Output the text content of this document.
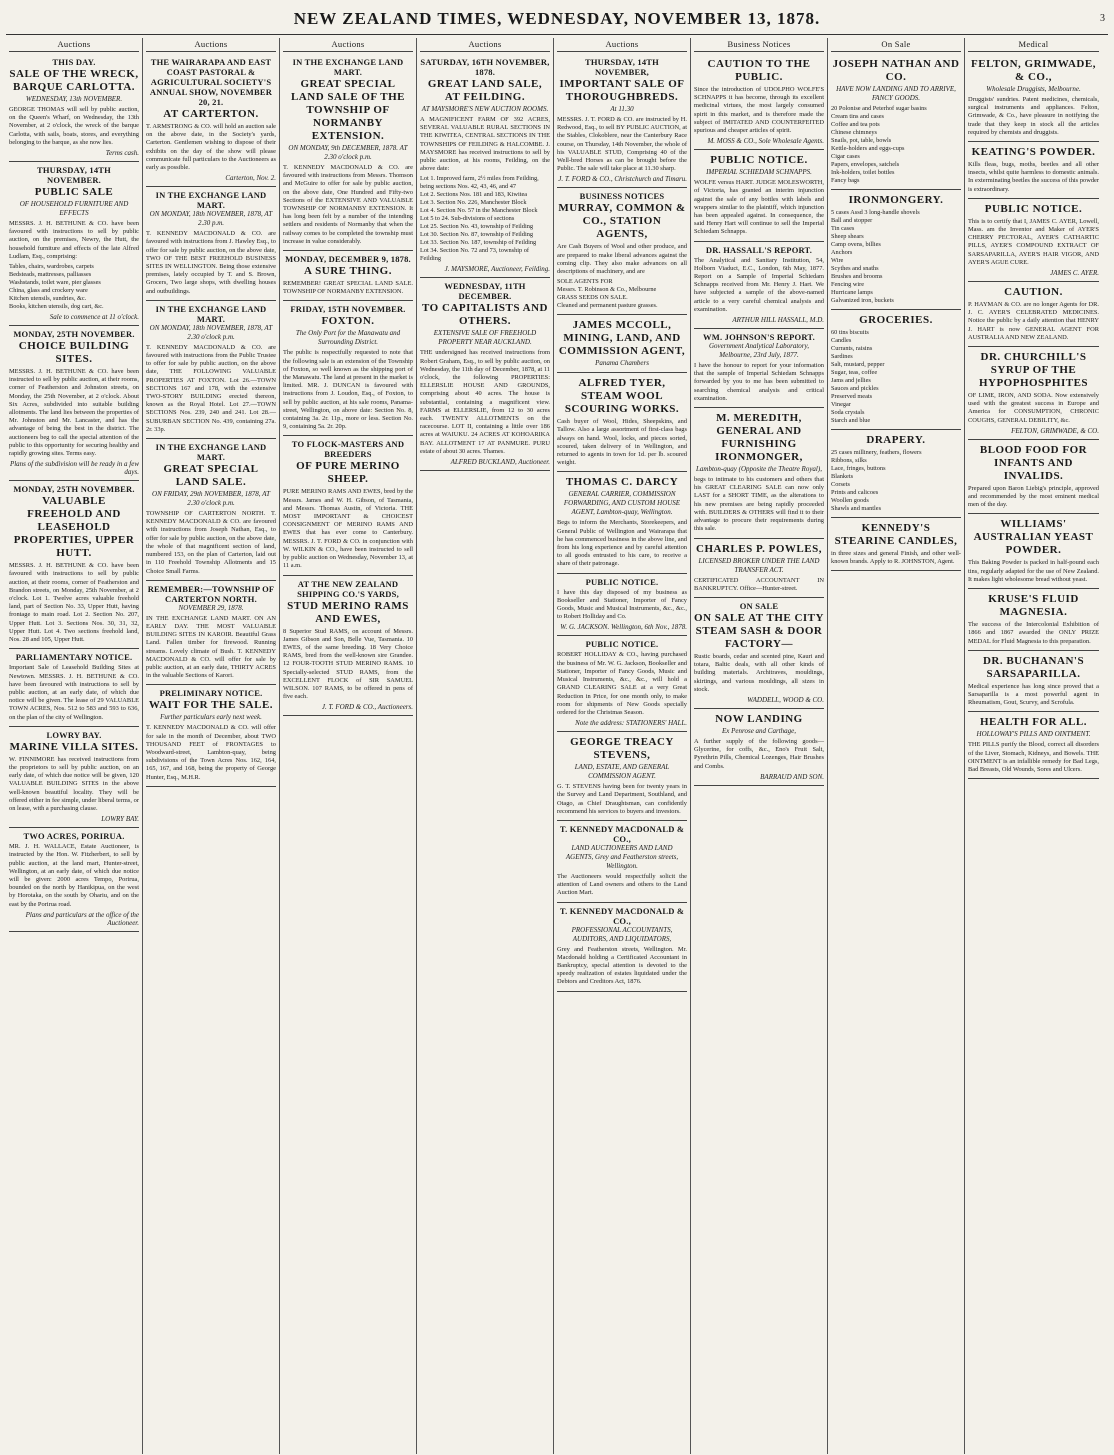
NEW ZEALAND TIMES, WEDNESDAY, NOVEMBER 13, 1878.	3
Auctions
THIS DAY.
SALE OF THE WRECK, BARQUE CARLOTTA.
WEDNESDAY, 13th NOVEMBER.
GEORGE THOMAS will sell by public auction, on the Queen's Wharf, on Wednesday, the 13th November, at 2 o'clock, the wreck of the barque Carlotta, with sails, boats, stores, and everything belonging to the barque, as she now lies.
Terms cash.
THURSDAY, 14TH NOVEMBER.
PUBLIC SALE
OF HOUSEHOLD FURNITURE AND EFFECTS
MESSRS. J. H. BETHUNE & CO. have been favoured with instructions to sell by public auction, on the premises, Newry, the Hutt, the household furniture and effects of the late Alfred Ludlam, Esq., comprising:
Tables, chairs, wardrobes, carpets
Bedsteads, mattresses, palliasses
Washstands, toilet ware, pier glasses
China, glass and crockery ware
Kitchen utensils, sundries, &c.
Books, kitchen utensils, dog cart, &c.
Sale to commence at 11 o'clock.
MONDAY, 25TH NOVEMBER.
CHOICE BUILDING SITES.
MESSRS. J. H. BETHUNE & CO. have been instructed to sell by public auction, at their rooms, corner of Featherston and Johnston streets, on Monday, the 25th November, at 2 o'clock. About Six Acres, subdivided into suitable building allotments. The land lies between the properties of Mr. Johnston and Mr. Lancaster, and has the advantage of being the best in the district. The auctioneers beg to call the special attention of the public to this opportunity for securing healthy and rapidly growing sites. Terms easy.
Plans of the subdivision will be ready in a few days.
MONDAY, 25TH NOVEMBER.
VALUABLE FREEHOLD AND LEASEHOLD PROPERTIES, UPPER HUTT.
MESSRS. J. H. BETHUNE & CO. have been favoured with instructions to sell by public auction, at their rooms, corner of Featherston and Brandon streets, on Monday, 25th November, at 2 o'clock. Lot 1. Twelve acres valuable freehold land, part of Section No. 33, Upper Hutt, having frontage to main road. Lot 2. Section No. 207, Upper Hutt. Lot 3. Sections Nos. 30, 31, 32, Upper Hutt. Lot 4. Two sections freehold land, Nos. 28 and 105, Upper Hutt.
PARLIAMENTARY NOTICE.
Important Sale of Leasehold Building Sites at Newtown. MESSRS. J. H. BETHUNE & CO. have been favoured with instructions to sell by public auction, at an early date, of which due notice will be given. The lease of 29 VALUABLE TOWN ACRES, Nos. 512 to 583 and 593 to 636, on the plan of the city of Wellington.
LOWRY BAY.
MARINE VILLA SITES.
W. FINNIMORE has received instructions from the proprietors to sell by public auction, on an early date, of which due notice will be given, 120 VALUABLE BUILDING SITES in the above well-known beautiful locality. They will be offered either in fee simple, under liberal terms, or on lease, with a purchasing clause.
LOWRY BAY.
TWO ACRES, PORIRUA.
MR. J. H. WALLACE, Estate Auctioneer, is instructed by the Hon. W. Fitzherbert, to sell by public auction, at the land mart, Hunter-street, Wellington, at an early date, of which due notice will be given: 2000 acres Tempo, Porirua, bounded on the north by Hanikipua, on the west by Horotaka, on the south by Ohariu, and on the east by the Porirua road.
Plans and particulars at the office of the Auctioneer.
Auctions
THE WAIRARAPA AND EAST COAST PASTORAL & AGRICULTURAL SOCIETY'S ANNUAL SHOW, NOVEMBER 20, 21.
AT CARTERTON.
T. ARMSTRONG & CO. will hold an auction sale on the above date, in the Society's yards, Carterton. Gentlemen wishing to dispose of their exhibits on the day of the show will please communicate full particulars to the Auctioneers as early as possible.
Carterton, Nov. 2.
IN THE EXCHANGE LAND MART.
ON MONDAY, 18th NOVEMBER, 1878, AT 2.30 p.m.
T. KENNEDY MACDONALD & CO. are favoured with instructions from J. Hawley Esq., to offer for sale by public auction, on the above date, TWO OF THE BEST FREEHOLD BUSINESS SITES IN WELLINGTON. Being those extensive premises, lately occupied by T. and S. Brown, Grocers, Two large shops, with dwelling houses and outbuildings.
IN THE EXCHANGE LAND MART.
ON MONDAY, 18th NOVEMBER, 1878, AT 2.30 o'clock p.m.
T. KENNEDY MACDONALD & CO. are favoured with instructions from the Public Trustee to offer for sale by public auction, on the above date, THE FOLLOWING VALUABLE PROPERTIES AT FOXTON. Lot 26.—TOWN SECTIONS 167 and 178, with the extensive TWO-STORY BUILDING erected thereon, known as the Royal Hotel. Lot 27.—TOWN SECTIONS Nos. 239, 240 and 241. Lot 28.—SUBURBAN SECTION No. 439, containing 27a. 2r. 33p.
IN THE EXCHANGE LAND MART.
GREAT SPECIAL LAND SALE.
ON FRIDAY, 29th NOVEMBER, 1878, AT 2.30 o'clock p.m.
TOWNSHIP OF CARTERTON NORTH. T. KENNEDY MACDONALD & CO. are favoured with instructions from Joseph Nathan, Esq., to offer for sale by public auction, on the above date, the whole of that magnificent section of land, numbered 153, on the plan of Carterton, laid out in 110 Freehold Township Allotments and 15 Choice Small Farms.
REMEMBER:—TOWNSHIP OF CARTERTON NORTH.
NOVEMBER 29, 1878.
IN THE EXCHANGE LAND MART. ON AN EARLY DAY. THE MOST VALUABLE BUILDING SITES IN KAROIR. Beautiful Grass Land. Fallen timber for firewood. Running streams. Lovely climate of Bush. T. KENNEDY MACDONALD & CO. will offer for sale by public auction, at an early date, THIRTY ACRES in the valuable Sections of Karori.
PRELIMINARY NOTICE.
WAIT FOR THE SALE.
Further particulars early next week.
T. KENNEDY MACDONALD & CO. will offer for sale in the month of December, about TWO THOUSAND FEET of FRONTAGES to Woodward-street, Lambton-quay, being subdivisions of the Town Acres Nos. 162, 164, 165, 167, and 168, being the property of George Hunter, Esq., M.H.R.
Auctions
IN THE EXCHANGE LAND MART.
GREAT SPECIAL LAND SALE OF THE TOWNSHIP OF NORMANBY EXTENSION.
ON MONDAY, 9th DECEMBER, 1878. AT 2.30 o'clock p.m.
T. KENNEDY MACDONALD & CO. are favoured with instructions from Messrs. Thomson and McGuire to offer for sale by public auction, on the above date, One Hundred and Fifty-two Sections of the EXTENSIVE AND VALUABLE TOWNSHIP OF NORMANBY EXTENSION. It has long been felt by a number of the intending settlers and residents of Normanby that when the railway comes to be completed the township must increase in value considerably.
MONDAY, DECEMBER 9, 1878.
A SURE THING.
REMEMBER! GREAT SPECIAL LAND SALE. TOWNSHIP OF NORMANBY EXTENSION.
FRIDAY, 15TH NOVEMBER.
FOXTON.
The Only Port for the Manawatu and Surrounding District.
The public is respectfully requested to note that the following sale is an extension of the Township of Foxton, so well known as the shipping port of the Manawatu. The land at present in the market is limited. MR. J. DUNCAN is favoured with instructions from J. Loudon, Esq., of Foxton, to sell by public auction, at his sale rooms, Panama-street, Wellington, on above date: Section No. 8, containing 3a. 2r. 11p., more or less. Section No. 9, containing 5a. 2r. 20p.
TO FLOCK-MASTERS AND BREEDERS
OF PURE MERINO SHEEP.
PURE MERINO RAMS AND EWES, bred by the Messrs. James and W. H. Gibson, of Tasmania, and Messrs. Thomas Austin, of Victoria. THE MOST IMPORTANT & CHOICEST CONSIGNMENT OF MERINO RAMS AND EWES that has ever come to Canterbury. MESSRS. J. T. FORD & CO. in conjunction with W. WILKIN & CO., have been instructed to sell by public auction on Wednesday, November 13, at 11 a.m.
AT THE NEW ZEALAND SHIPPING CO.'S YARDS,
STUD MERINO RAMS AND EWES,
8 Superior Stud RAMS, on account of Messrs. James Gibson and Son, Belle Vue, Tasmania. 10 EWES, of the same breeding. 18 Very Choice RAMS, bred from the well-known sire Grandee. 12 FOUR-TOOTH STUD MERINO RAMS. 10 Specially-selected STUD RAMS, from the EXCELLENT FLOCK of SIR SAMUEL WILSON. 107 RAMS, to be offered in pens of five each.
J. T. FORD & CO., Auctioneers.
Auctions
SATURDAY, 16TH NOVEMBER, 1878.
GREAT LAND SALE, AT FEILDING.
AT MAYSMORE'S NEW AUCTION ROOMS.
A MAGNIFICENT FARM OF 392 ACRES, SEVERAL VALUABLE RURAL SECTIONS IN THE KIWITEA, CENTRAL SECTIONS IN THE TOWNSHIPS OF FEILDING & HALCOMBE. J. MAYSMORE has received instructions to sell by public auction, at his rooms, Feilding, on the above date:
Lot 1. Improved farm, 2½ miles from Feilding, being sections Nos. 42, 43, 46, and 47
Lot 2. Sections Nos. 181 and 183, Kiwitea
Lot 3. Section No. 226, Manchester Block
Lot 4. Section No. 57 in the Manchester Block
Lot 5 to 24. Sub-divisions of sections
Lot 25. Section No. 43, township of Feilding
Lot 30. Section No. 87, township of Feilding
Lot 33. Section No. 187, township of Feilding
Lot 34. Section No. 72 and 73, township of Feilding
J. MAYSMORE, Auctioneer, Feilding.
WEDNESDAY, 11TH DECEMBER.
TO CAPITALISTS AND OTHERS.
EXTENSIVE SALE OF FREEHOLD PROPERTY NEAR AUCKLAND.
THE undersigned has received instructions from Robert Graham, Esq., to sell by public auction, on Wednesday, the 11th day of December, 1878, at 11 o'clock, the following PROPERTIES: ELLERSLIE HOUSE AND GROUNDS, comprising about 40 acres. The house is substantial, containing a magnificent view. FARMS at ELLERSLIE, from 12 to 30 acres each. TWENTY ALLOTMENTS on the racecourse. LOT II, containing a little over 186 acres at WAIUKU. 24 ACRES AT KOHOARIKA BAY. ALLOTMENT 17 AT PANMURE. PURU estate of about 30 acres. Thames.
ALFRED BUCKLAND, Auctioneer.
Auctions
THURSDAY, 14TH NOVEMBER,
IMPORTANT SALE OF THOROUGHBREDS.
At 11.30
MESSRS. J. T. FORD & CO. are instructed by H. Redwood, Esq., to sell BY PUBLIC AUCTION, at the Stables, Clokoblere, near the Canterbury Race course, on Thursday, 14th November, the whole of his VALUABLE STUD, Comprising 40 of the Well-bred Horses as can be brought before the Public. The sale will take place at 11.30 sharp.
J. T. FORD & CO., Christchurch and Timaru.
BUSINESS NOTICES
MURRAY, COMMON & CO., STATION AGENTS,
Are Cash Buyers of Wool and other produce, and are prepared to make liberal advances against the coming clip. They also make advances on all descriptions of machinery, and are
SOLE AGENTS FOR
Messrs. T. Robinson & Co., Melbourne
GRASS SEEDS ON SALE.
Cleaned and permanent pasture grasses.
JAMES MCCOLL, MINING, LAND, AND COMMISSION AGENT,
Panama Chambers
ALFRED TYER, STEAM WOOL SCOURING WORKS.
Cash buyer of Wool, Hides, Sheepskins, and Tallow. Also a large assortment of first-class bags always on hand. Wool, locks, and pieces sorted, scoured, taken delivery of in Wellington, and returned to agents in town for 1d. per lb. scoured weight.
THOMAS C. DARCY
GENERAL CARRIER, COMMISSION FORWARDING, AND CUSTOM HOUSE AGENT, Lambton-quay, Wellington.
Begs to inform the Merchants, Storekeepers, and General Public of Wellington and Wairarapa that he has commenced business in the above line, and from his long experience and by careful attention to all goods entrusted to his care, to receive a share of their patronage.
PUBLIC NOTICE.
I have this day disposed of my business as Bookseller and Stationer, Importer of Fancy Goods, Music and Musical Instruments, &c., &c., to Robert Holliday and Co.
W. G. JACKSON. Wellington, 6th Nov., 1878.
PUBLIC NOTICE.
ROBERT HOLLIDAY & CO., having purchased the business of Mr. W. G. Jackson, Bookseller and Stationer, Importer of Fancy Goods, Music and Musical Instruments, &c., &c., will hold a GRAND CLEARING SALE at a very Great Reduction in Price, for one month only, to make room for shipments of New Goods specially ordered for the Christmas Season.
Note the address: STATIONERS' HALL.
GEORGE TREACY STEVENS,
LAND, ESTATE, AND GENERAL COMMISSION AGENT.
G. T. STEVENS having been for twenty years in the Survey and Land Department, Southland, and Otago, as Chief Draughtsman, can confidently recommend his services to buyers and investors.
T. KENNEDY MACDONALD & CO.,
LAND AUCTIONEERS AND LAND AGENTS, Grey and Featherston streets, Wellington.
The Auctioneers would respectfully solicit the attention of Land owners and others to the Land Auction Mart.
T. KENNEDY MACDONALD & CO.,
PROFESSIONAL ACCOUNTANTS, AUDITORS, AND LIQUIDATORS,
Grey and Featherston streets, Wellington. Mr. Macdonald holding a Certificated Accountant in Bankruptcy, special attention is devoted to the speedy realization of estates liquidated under the Debtors and Creditors Act, 1876.
Business Notices
CAUTION TO THE PUBLIC.
Since the introduction of UDOLPHO WOLFE'S SCHNAPPS it has become, through its excellent medicinal virtues, the most largely consumed spirit in this market, and is therefore made the subject of IMITATED AND COUNTERFEITED spurious and cheaper articles of spirit.
M. MOSS & CO., Sole Wholesale Agents.
PUBLIC NOTICE.
IMPERIAL SCHIEDAM SCHNAPPS.
WOLFE versus HART. JUDGE MOLESWORTH, of Victoria, has granted an interim injunction against the sale of any bottles with labels and wrappers similar to the plaintiff, which injunction has been appealed against. In consequence, the said Henry Hart will continue to sell the Imperial Schiedam Schnapps.
DR. HASSALL'S REPORT.
The Analytical and Sanitary Institution, 54, Holborn Viaduct, E.C., London, 6th May, 1877. Report on a Sample of Imperial Schiedam Schnapps received from Mr. Henry J. Hart. We have subjected a sample of the above-named article to a very careful chemical analysis and examination.
ARTHUR HILL HASSALL, M.D.
WM. JOHNSON'S REPORT.
Government Analytical Laboratory, Melbourne, 23rd July, 1877.
I have the honour to report for your information that the sample of Imperial Schiedam Schnapps forwarded by you to me has been submitted to searching chemical analysis and critical examination.
M. MEREDITH, GENERAL AND FURNISHING IRONMONGER,
Lambton-quay (Opposite the Theatre Royal),
begs to intimate to his customers and others that his GREAT CLEARING SALE can now only LAST for a SHORT TIME, as the alterations to his new premises are being rapidly proceeded with. BUILDERS & OTHERS will find it to their advantage to procure their requirements during this sale.
CHARLES P. POWLES,
LICENSED BROKER UNDER THE LAND TRANSFER ACT.
CERTIFICATED ACCOUNTANT IN BANKRUPTCY. Office—Hunter-street.
ON SALE
ON SALE AT THE CITY STEAM SASH & DOOR FACTORY—
Rustic boards, cedar and scented pine, Kauri and totara, Baltic deals, with all other kinds of building materials. Architraves, mouldings, skirtings, and various mouldings, all sizes in stock.
WADDELL, WOOD & CO.
NOW LANDING
Ex Penrose and Carthage,
A further supply of the following goods— Glycerine, for coffs, &c., Eno's Fruit Salt, Pyrethrin Pills, Chemical Lozenges, Hair Brushes and Combs.
BARRAUD AND SON.
On Sale
JOSEPH NATHAN AND CO.
HAVE NOW LANDING AND TO ARRIVE, FANCY GOODS.
20 Polonise and Peterhof sugar basins
Cream tins and cases
Coffee and tea pots
Chinese chimneys
Snails, pot, table, bowls
Kettle-holders and eggs-cups
Cigar cases
Papers, envelopes, satchels
Ink-holders, toilet bottles
Fancy bags
IRONMONGERY.
5 cases Assd 3 long-handle shovels
Ball and stopper
Tin cases
Sheep shears
Camp ovens, billies
Anchors
Wire
Scythes and snaths
Brushes and brooms
Fencing wire
Hurricane lamps
Galvanized iron, buckets
GROCERIES.
60 tins biscuits
Candles
Currants, raisins
Sardines
Salt, mustard, pepper
Sugar, teas, coffee
Jams and jellies
Sauces and pickles
Preserved meats
Vinegar
Soda crystals
Starch and blue
DRAPERY.
25 cases millinery, feathers, flowers
Ribbons, silks
Lace, fringes, buttons
Blankets
Corsets
Prints and calicoes
Woollen goods
Shawls and mantles
KENNEDY'S STEARINE CANDLES,
in three sizes and general Finish, and other well-known brands. Apply to R. JOHNSTON, Agent.
Medical
FELTON, GRIMWADE, & CO.,
Wholesale Druggists, Melbourne.
Druggists' sundries. Patent medicines, chemicals, surgical instruments and appliances. Felton, Grimwade, & Co., have pleasure in notifying the trade that they keep in stock all the articles required by chemists and druggists.
KEATING'S POWDER.
Kills fleas, bugs, moths, beetles and all other insects, whilst quite harmless to domestic animals. In exterminating beetles the success of this powder is extraordinary.
PUBLIC NOTICE.
This is to certify that I, JAMES C. AYER, Lowell, Mass. am the Inventor and Maker of AYER'S CHERRY PECTORAL, AYER'S CATHARTIC PILLS, AYER'S COMPOUND EXTRACT OF SARSAPARILLA, AYER'S HAIR VIGOR, AND AYER'S AGUE CURE.
JAMES C. AYER.
CAUTION.
P. HAYMAN & CO. are no longer Agents for DR. J. C. AYER'S CELEBRATED MEDICINES. Notice the public by a daily attention that HENRY J. HART is now GENERAL AGENT FOR AUSTRALIA AND NEW ZEALAND.
DR. CHURCHILL'S SYRUP OF THE HYPOPHOSPHITES
OF LIME, IRON, AND SODA. Now extensively used with the greatest success in Europe and America for CONSUMPTION, CHRONIC COUGHS, GENERAL DEBILITY, &c.
FELTON, GRIMWADE, & CO.
BLOOD FOOD FOR INFANTS AND INVALIDS.
Prepared upon Baron Liebig's principle, approved and recommended by the most eminent medical men of the day.
WILLIAMS' AUSTRALIAN YEAST POWDER.
This Baking Powder is packed in half-pound each tins, regularly adapted for the use of New Zealand. It makes light wholesome bread without yeast.
KRUSE'S FLUID MAGNESIA.
The success of the Intercolonial Exhibition of 1866 and 1867 awarded the ONLY PRIZE MEDAL for Fluid Magnesia to this preparation.
DR. BUCHANAN'S SARSAPARILLA.
Medical experience has long since proved that a Sarsaparilla is a most powerful agent in Rheumatism, Gout, Scurvy, and Scrofula.
HEALTH FOR ALL.
HOLLOWAY'S PILLS AND OINTMENT.
THE PILLS purify the Blood, correct all disorders of the Liver, Stomach, Kidneys, and Bowels. THE OINTMENT is an infallible remedy for Bad Legs, Bad Breasts, Old Wounds, Sores and Ulcers.
